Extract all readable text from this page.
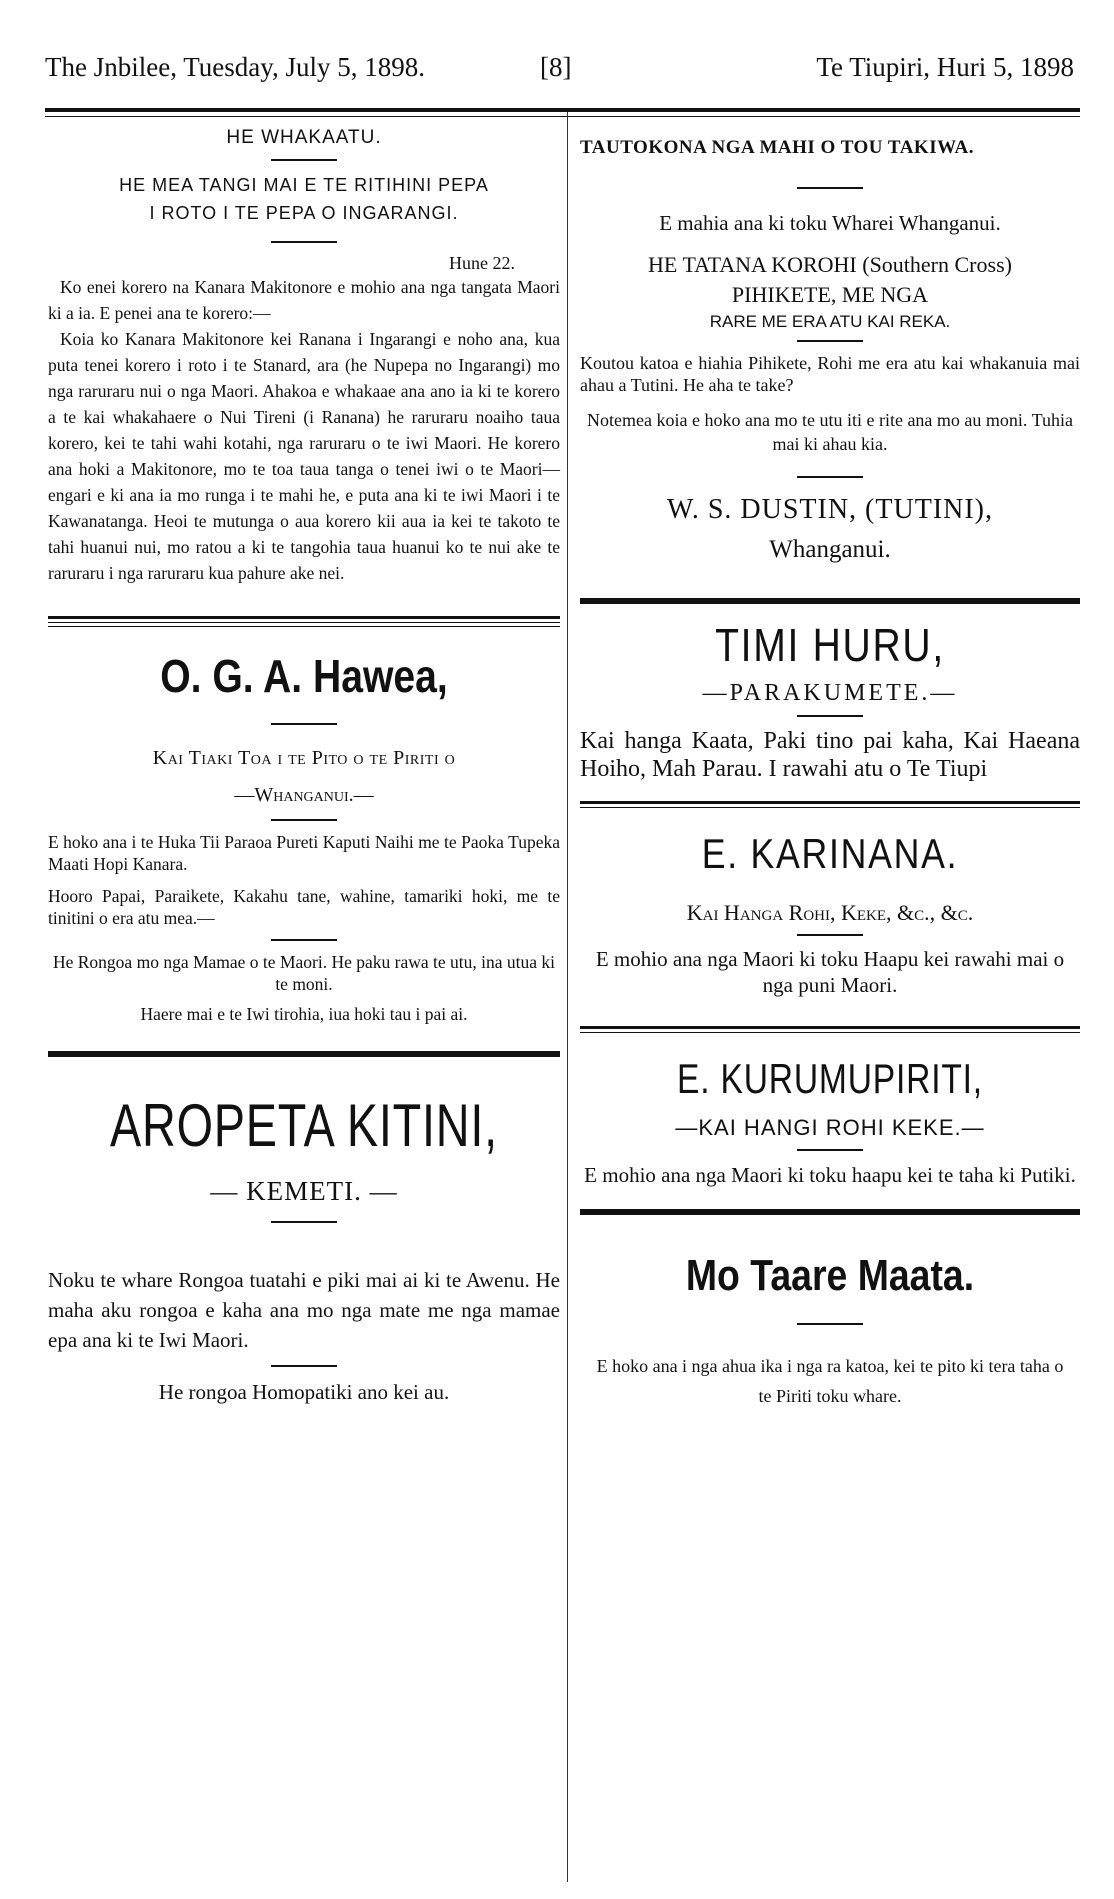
The Jnbilee, Tuesday, July 5, 1898.	[8]	Te Tiupiri, Huri 5, 1898
HE WHAKAATU.
HE MEA TANGI MAI E TE RITIHINI PEPA
I ROTO I TE PEPA O INGARANGI.
Hune 22.

Ko enei korero na Kanara Makitonore e mohio ana nga tangata Maori ki a ia. E penei ana te korero:—

Koia ko Kanara Makitonore kei Ranana i Ingarangi e noho ana, kua puta tenei korero i roto i te Stanard, ara (he Nupepa no Ingarangi) mo nga raruraru nui o nga Maori. Ahakoa e whakaae ana ano ia ki te korero a te kai whakahaere o Nui Tireni (i Ranana) he raruraru noaiho taua korero, kei te tahi wahi kotahi, nga raruraru o te iwi Maori. He korero ana hoki a Makitonore, mo te toa taua tanga o tenei iwi o te Maori—engari e ki ana ia mo runga i te mahi he, e puta ana ki te iwi Maori i te Kawanatanga. Heoi te mutunga o aua korero kii aua ia kei te takoto te tahi huanui nui, mo ratou a ki te tangohia taua huanui ko te nui ake te raruraru i nga raruraru kua pahure ake nei.

O. G. A. Hawea,
Kai Tiaki Toa i te Pito o te Piriti o
—Whanganui.—

E hoko ana i te Huka Tii Paraoa Pureti Kaputi Naihi me te Paoka Tupeka Maati Hopi Kanara.

Hooro Papai, Paraikete, Kakahu tane, wahine, tamariki hoki, me te tinitini o era atu mea.—

He Rongoa mo nga Mamae o te Maori. He paku rawa te utu, ina utua ki te moni.

Haere mai e te Iwi tirohia, iua hoki tau i pai ai.

AROPETA KITINI,
— KEMETI. —

Noku te whare Rongoa tuatahi e piki mai ai ki te Awenu. He maha aku rongoa e kaha ana mo nga mate me nga mamae epa ana ki te Iwi Maori.

He rongoa Homopatiki ano kei au.

TAUTOKONA NGA MAHI O TOU TAKIWA.
E mahia ana ki toku Wharei Whanganui.
HE TATANA KOROHI (Southern Cross)
PIHIKETE, ME NGA
RARE ME ERA ATU KAI REKA.

Koutou katoa e hiahia Pihikete, Rohi me era atu kai whakanuia mai ahau a Tutini. He aha te take?

Notemea koia e hoko ana mo te utu iti e rite ana mo au moni. Tuhia mai ki ahau kia.

W. S. DUSTIN, (TUTINI),
Whanganui.
TIMI HURU,
—PARAKUMETE.—

Kai hanga Kaata, Paki tino pai kaha, Kai Haeana Hoiho, Mah Parau. I rawahi atu o Te Tiupi

E. KARINANA.
Kai Hanga Rohi, Keke, &c., &c.

E mohio ana nga Maori ki toku Haapu kei rawahi mai o nga puni Maori.

E. KURUMUPIRITI,
—KAI HANGI ROHI KEKE.—

E mohio ana nga Maori ki toku haapu kei te taha ki Putiki.

Mo Taare Maata.

E hoko ana i nga ahua ika i nga ra katoa, kei te pito ki tera taha o te Piriti toku whare.
